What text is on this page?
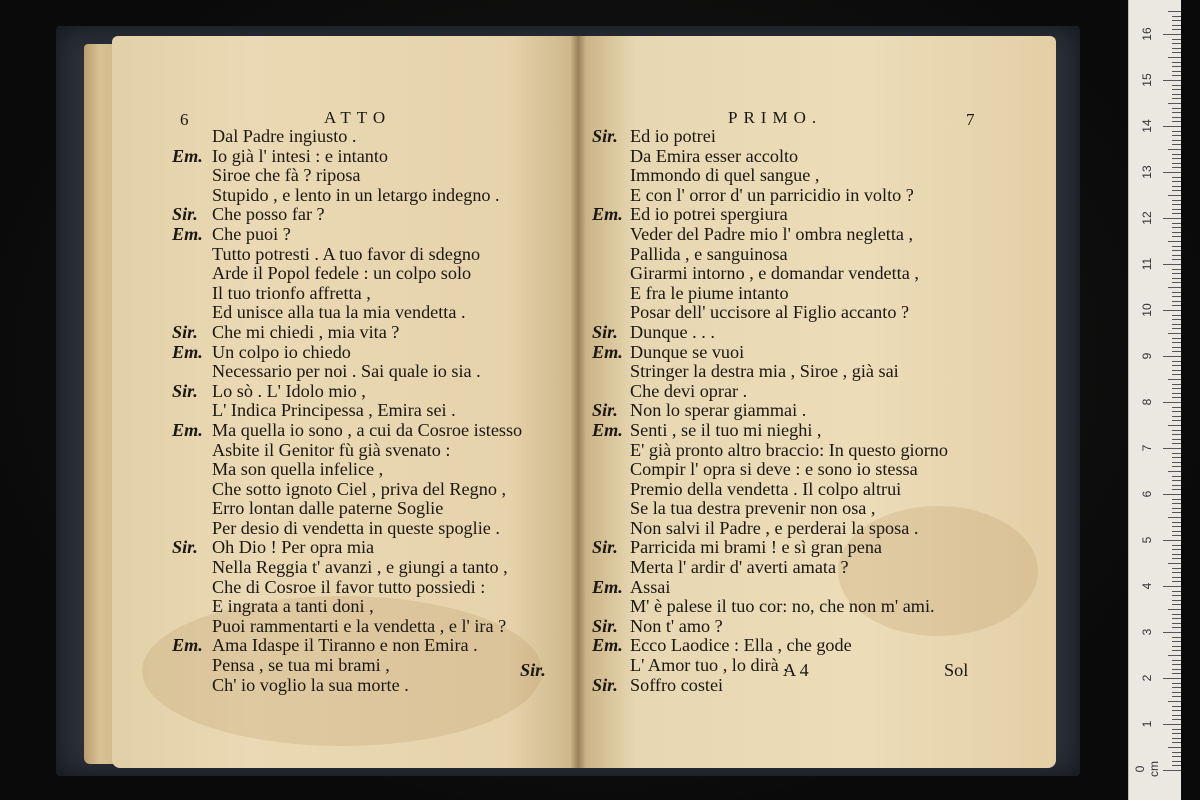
6	ATTO
Dal Padre ingiusto .
Em. Io già l' intesi : e intanto
Siroe che fà ? riposa
Stupido , e lento in un letargo indegno .
Sir. Che posso far ?
Em. Che puoi ?
Tutto potresti . A tuo favor di sdegno
Arde il Popol fedele : un colpo solo
Il tuo trionfo affretta ,
Ed unisce alla tua la mia vendetta .
Sir. Che mi chiedi , mia vita ?
Em. Un colpo io chiedo
Necessario per noi . Sai quale io sia .
Sir. Lo sò . L' Idolo mio ,
L' Indica Principessa , Emira sei .
Em. Ma quella io sono , a cui da Cosroe istesso
Asbite il Genitor fù già svenato :
Ma son quella infelice ,
Che sotto ignoto Ciel , priva del Regno ,
Erro lontan dalle paterne Soglie
Per desio di vendetta in queste spoglie .
Sir. Oh Dio ! Per opra mia
Nella Reggia t' avanzi , e giungi a tanto ,
Che di Cosroe il favor tutto possiedi :
E ingrata a tanti doni ,
Puoi rammentarti e la vendetta , e l' ira ?
Em. Ama Idaspe il Tiranno e non Emira .
Pensa , se tua mi brami ,
Ch' io voglio la sua morte .
Sir.
PRIMO.	7
Sir. Ed io potrei
Da Emira esser accolto
Immondo di quel sangue ,
E con l' orror d' un parricidio in volto ?
Em. Ed io potrei spergiura
Veder del Padre mio l' ombra negletta ,
Pallida , e sanguinosa
Girarmi intorno , e domandar vendetta ,
E fra le piume intanto
Posar dell' uccisore al Figlio accanto ?
Sir. Dunque . . .
Em. Dunque se vuoi
Stringer la destra mia , Siroe , già sai
Che devi oprar .
Sir. Non lo sperar giammai .
Em. Senti , se il tuo mi nieghi ,
E' già pronto altro braccio: In questo giorno
Compir l' opra si deve : e sono io stessa
Premio della vendetta . Il colpo altrui
Se la tua destra prevenir non osa ,
Non salvi il Padre , e perderai la sposa .
Sir. Parricida mi brami ! e sì gran pena
Merta l' ardir d' averti amata ?
Em. Assai
M' è palese il tuo cor: no, che non m' ami.
Sir. Non t' amo ?
Em. Ecco Laodice : Ella , che gode
L' Amor tuo , lo dirà .
Sir. Soffro costei
A 4	Sol
0 cm
1
2
3
4
5
6
7
8
9
10
11
12
13
14
15
16
